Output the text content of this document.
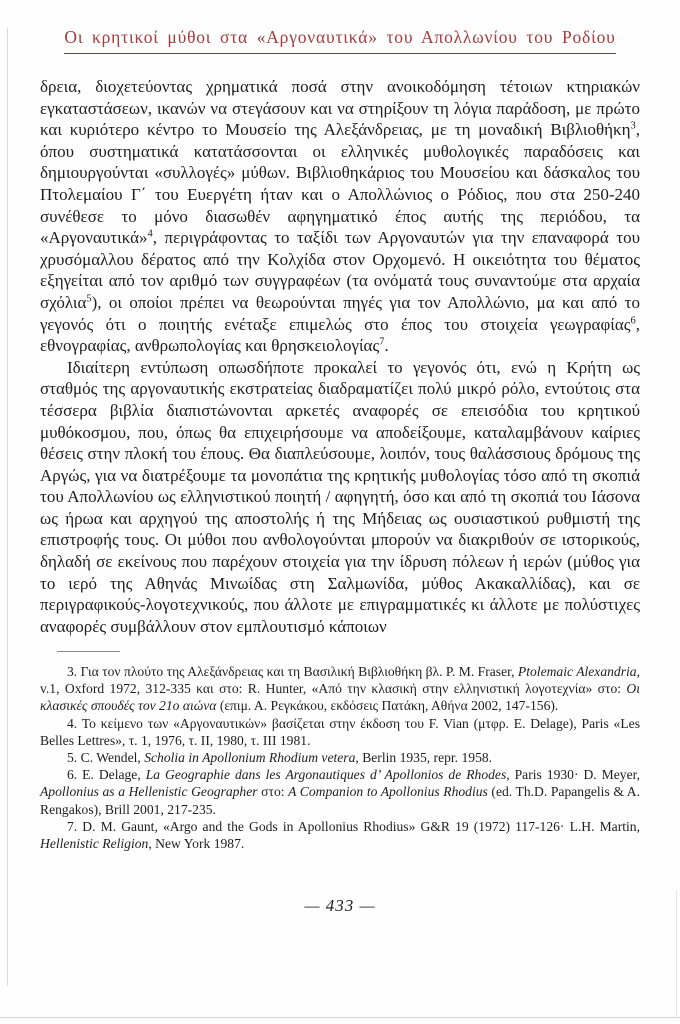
Οι κρητικοί μύθοι στα «Αργοναυτικά» του Απολλωνίου του Ροδίου

δρεια, διοχετεύοντας χρηματικά ποσά στην ανοικοδόμηση τέτοιων κτηριακών εγκαταστάσεων, ικανών να στεγάσουν και να στηρίξουν τη λόγια παράδοση, με πρώτο και κυριότερο κέντρο το Μουσείο της Αλεξάνδρειας, με τη μοναδική Βιβλιοθήκη$^3$, όπου συστηματικά κατατάσσονται οι ελληνικές μυθολογικές παραδόσεις και δημιουργούνται «συλλογές» μύθων. Βιβλιοθηκάριος του Μουσείου και δάσκαλος του Πτολεμαίου Γ΄ του Ευεργέτη ήταν και ο Απολλώνιος ο Ρόδιος, που στα 250-240 συνέθεσε το μόνο διασωθέν αφηγηματικό έπος αυτής της περιόδου, τα «Αργοναυτικά»$^4$, περιγράφοντας το ταξίδι των Αργοναυτών για την επαναφορά του χρυσόμαλλου δέρατος από την Κολχίδα στον Ορχομενό. Η οικειότητα του θέματος εξηγείται από τον αριθμό των συγγραφέων (τα ονόματά τους συναντούμε στα αρχαία σχόλια$^5$), οι οποίοι πρέπει να θεωρούνται πηγές για τον Απολλώνιο, μα και από το γεγονός ότι ο ποιητής ενέταξε επιμελώς στο έπος του στοιχεία γεωγραφίας$^6$, εθνογραφίας, ανθρωπολογίας και θρησκειολογίας$^7$.

Ιδιαίτερη εντύπωση οπωσδήποτε προκαλεί το γεγονός ότι, ενώ η Κρήτη ως σταθμός της αργοναυτικής εκστρατείας διαδραματίζει πολύ μικρό ρόλο, εντούτοις στα τέσσερα βιβλία διαπιστώνονται αρκετές αναφορές σε επεισόδια του κρητικού μυθόκοσμου, που, όπως θα επιχειρήσουμε να αποδείξουμε, καταλαμβάνουν καίριες θέσεις στην πλοκή του έπους. Θα διαπλεύσουμε, λοιπόν, τους θαλάσσιους δρόμους της Αργώς, για να διατρέξουμε τα μονοπάτια της κρητικής μυθολογίας τόσο από τη σκοπιά του Απολλωνίου ως ελληνιστικού ποιητή / αφηγητή, όσο και από τη σκοπιά του Ιάσονα ως ήρωα και αρχηγού της αποστολής ή της Μήδειας ως ουσιαστικού ρυθμιστή της επιστροφής τους. Οι μύθοι που ανθολογούνται μπορούν να διακριθούν σε ιστορικούς, δηλαδή σε εκείνους που παρέχουν στοιχεία για την ίδρυση πόλεων ή ιερών (μύθος για το ιερό της Αθηνάς Μινωίδας στη Σαλμωνίδα, μύθος Ακακαλλίδας), και σε περιγραφικούς-λογοτεχνικούς, που άλλοτε με επιγραμματικές κι άλλοτε με πολύστιχες αναφορές συμβάλλουν στον εμπλουτισμό κάποιων

3. Για τον πλούτο της Αλεξάνδρειας και τη Βασιλική Βιβλιοθήκη βλ. P. M. Fraser, Ptolemaic Alexandria, v.1, Oxford 1972, 312-335 και στο: R. Hunter, «Από την κλασική στην ελληνιστική λογοτεχνία» στο: Οι κλασικές σπουδές τον 21ο αιώνα (επιμ. Α. Ρεγκάκου, εκδόσεις Πατάκη, Αθήνα 2002, 147-156).

4. Το κείμενο των «Αργοναυτικών» βασίζεται στην έκδοση του F. Vian (μτφρ. E. Delage), Paris «Les Belles Lettres», τ. 1, 1976, τ. II, 1980, τ. III 1981.

5. C. Wendel, Scholia in Apollonium Rhodium vetera, Berlin 1935, repr. 1958.

6. E. Delage, La Geographie dans les Argonautiques d’ Apollonios de Rhodes, Paris 1930· D. Meyer, Apollonius as a Hellenistic Geographer στο: A Companion to Apollonius Rhodius (ed. Th.D. Papangelis & A. Rengakos), Brill 2001, 217-235.

7. D. M. Gaunt, «Argo and the Gods in Apollonius Rhodius» G&R 19 (1972) 117-126· L.H. Martin, Hellenistic Religion, New York 1987.

— 433 —
